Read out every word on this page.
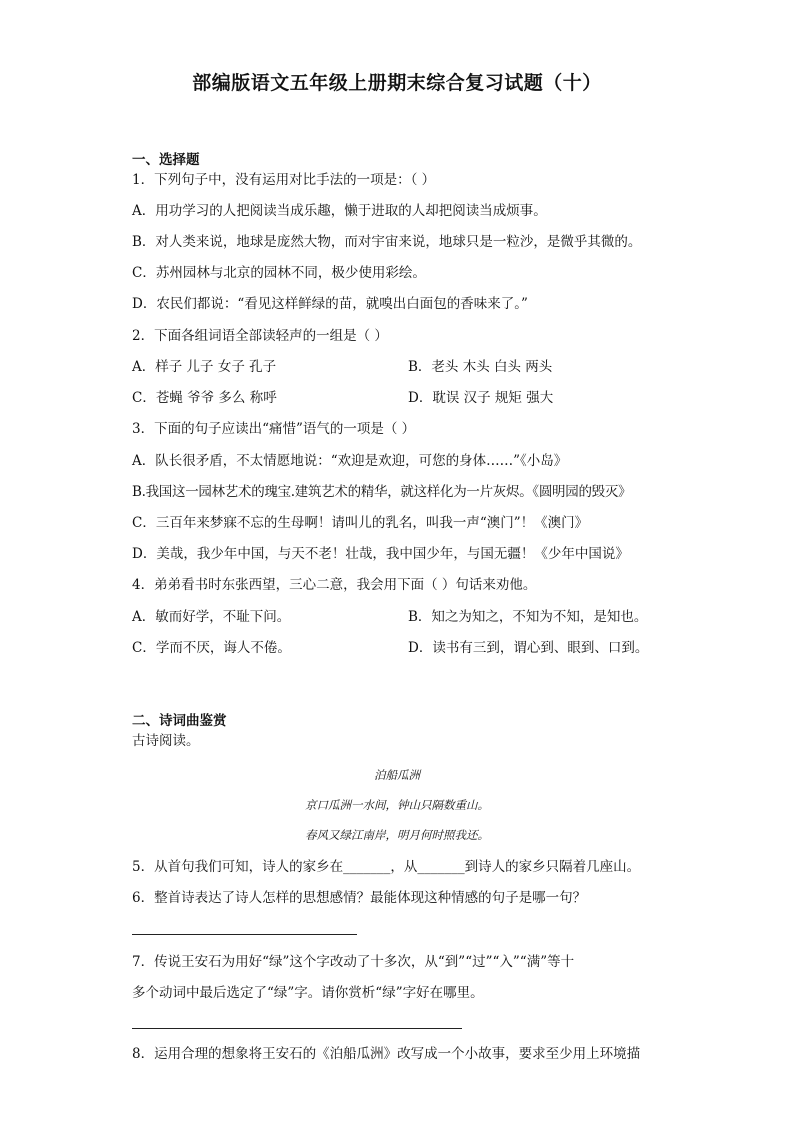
部编版语文五年级上册期末综合复习试题（十）
一、选择题
1．下列句子中，没有运用对比手法的一项是：（ ）
A．用功学习的人把阅读当成乐趣，懒于进取的人却把阅读当成烦事。
B．对人类来说，地球是庞然大物，而对宇宙来说，地球只是一粒沙，是微乎其微的。
C．苏州园林与北京的园林不同，极少使用彩绘。
D．农民们都说：“看见这样鲜绿的苗，就嗅出白面包的香味来了。”
2．下面各组词语全部读轻声的一组是（ ）
A．样子 儿子 女子 孔子	B．老头 木头 白头 两头
C．苍蝇 爷爷 多么 称呼	D．耽误 汉子 规矩 强大
3．下面的句子应读出“痛惜”语气的一项是（ ）
A．队长很矛盾，不太情愿地说：“欢迎是欢迎，可您的身体……”《小岛》
B.我国这一园林艺术的瑰宝.建筑艺术的精华，就这样化为一片灰烬。《圆明园的毁灭》
C．三百年来梦寐不忘的生母啊！请叫儿的乳名，叫我一声“澳门”！《澳门》
D．美哉，我少年中国，与天不老！壮哉，我中国少年，与国无疆！《少年中国说》
4．弟弟看书时东张西望，三心二意，我会用下面（ ）句话来劝他。
A．敏而好学，不耻下问。	B．知之为知之，不知为不知，是知也。
C．学而不厌，诲人不倦。	D．读书有三到，谓心到、眼到、口到。
二、诗词曲鉴赏
古诗阅读。
泊船瓜洲
京口瓜洲一水间，钟山只隔数重山。
春风又绿江南岸，明月何时照我还。
5．从首句我们可知，诗人的家乡在_______，从_______到诗人的家乡只隔着几座山。
6．整首诗表达了诗人怎样的思想感情？最能体现这种情感的句子是哪一句？
7．传说王安石为用好“绿”这个字改动了十多次，从“到”“过”“入”“满”等十
多个动词中最后选定了“绿”字。请你赏析“绿”字好在哪里。
8．运用合理的想象将王安石的《泊船瓜洲》改写成一个小故事，要求至少用上环境描
